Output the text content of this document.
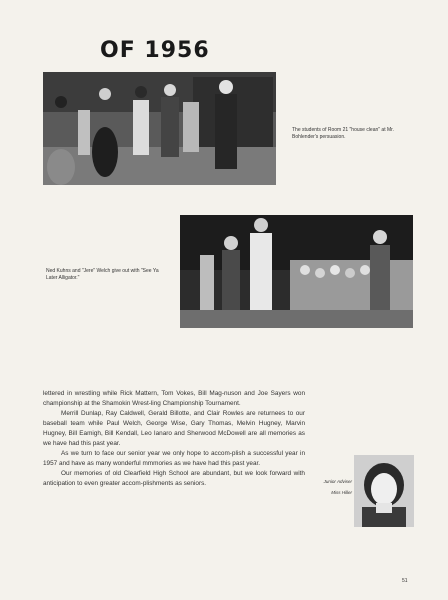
OF 1956

The students of Room 21 "house clean" at Mr. Bohlender's persuasion.

Ned Kuhns and "Jere" Welch give out with "See Ya Later Alligator."

lettered in wrestling while Rick Mattern, Tom Vokes, Bill Mag-nuson and Joe Sayers won championship at the Shamokin Wrest-ling Championship Tournament.

Merrill Dunlap, Ray Caldwell, Gerald Billotte, and Clair Rowles are returnees to our baseball team while Paul Welch, George Wise, Gary Thomas, Melvin Hugney, Marvin Hugney, Bill Eamigh, Bill Kendall, Leo Ianaro and Sherwood McDowell are all memories as we have had this past year.

As we turn to face our senior year we only hope to accom-plish a successful year in 1957 and have as many wonderful mmmories as we have had this past year.

Our memories of old Clearfield High School are abundant, but we look forward with anticipation to even greater accom-plishments as seniors.	Junior Adviser
Miss Hiller
51
